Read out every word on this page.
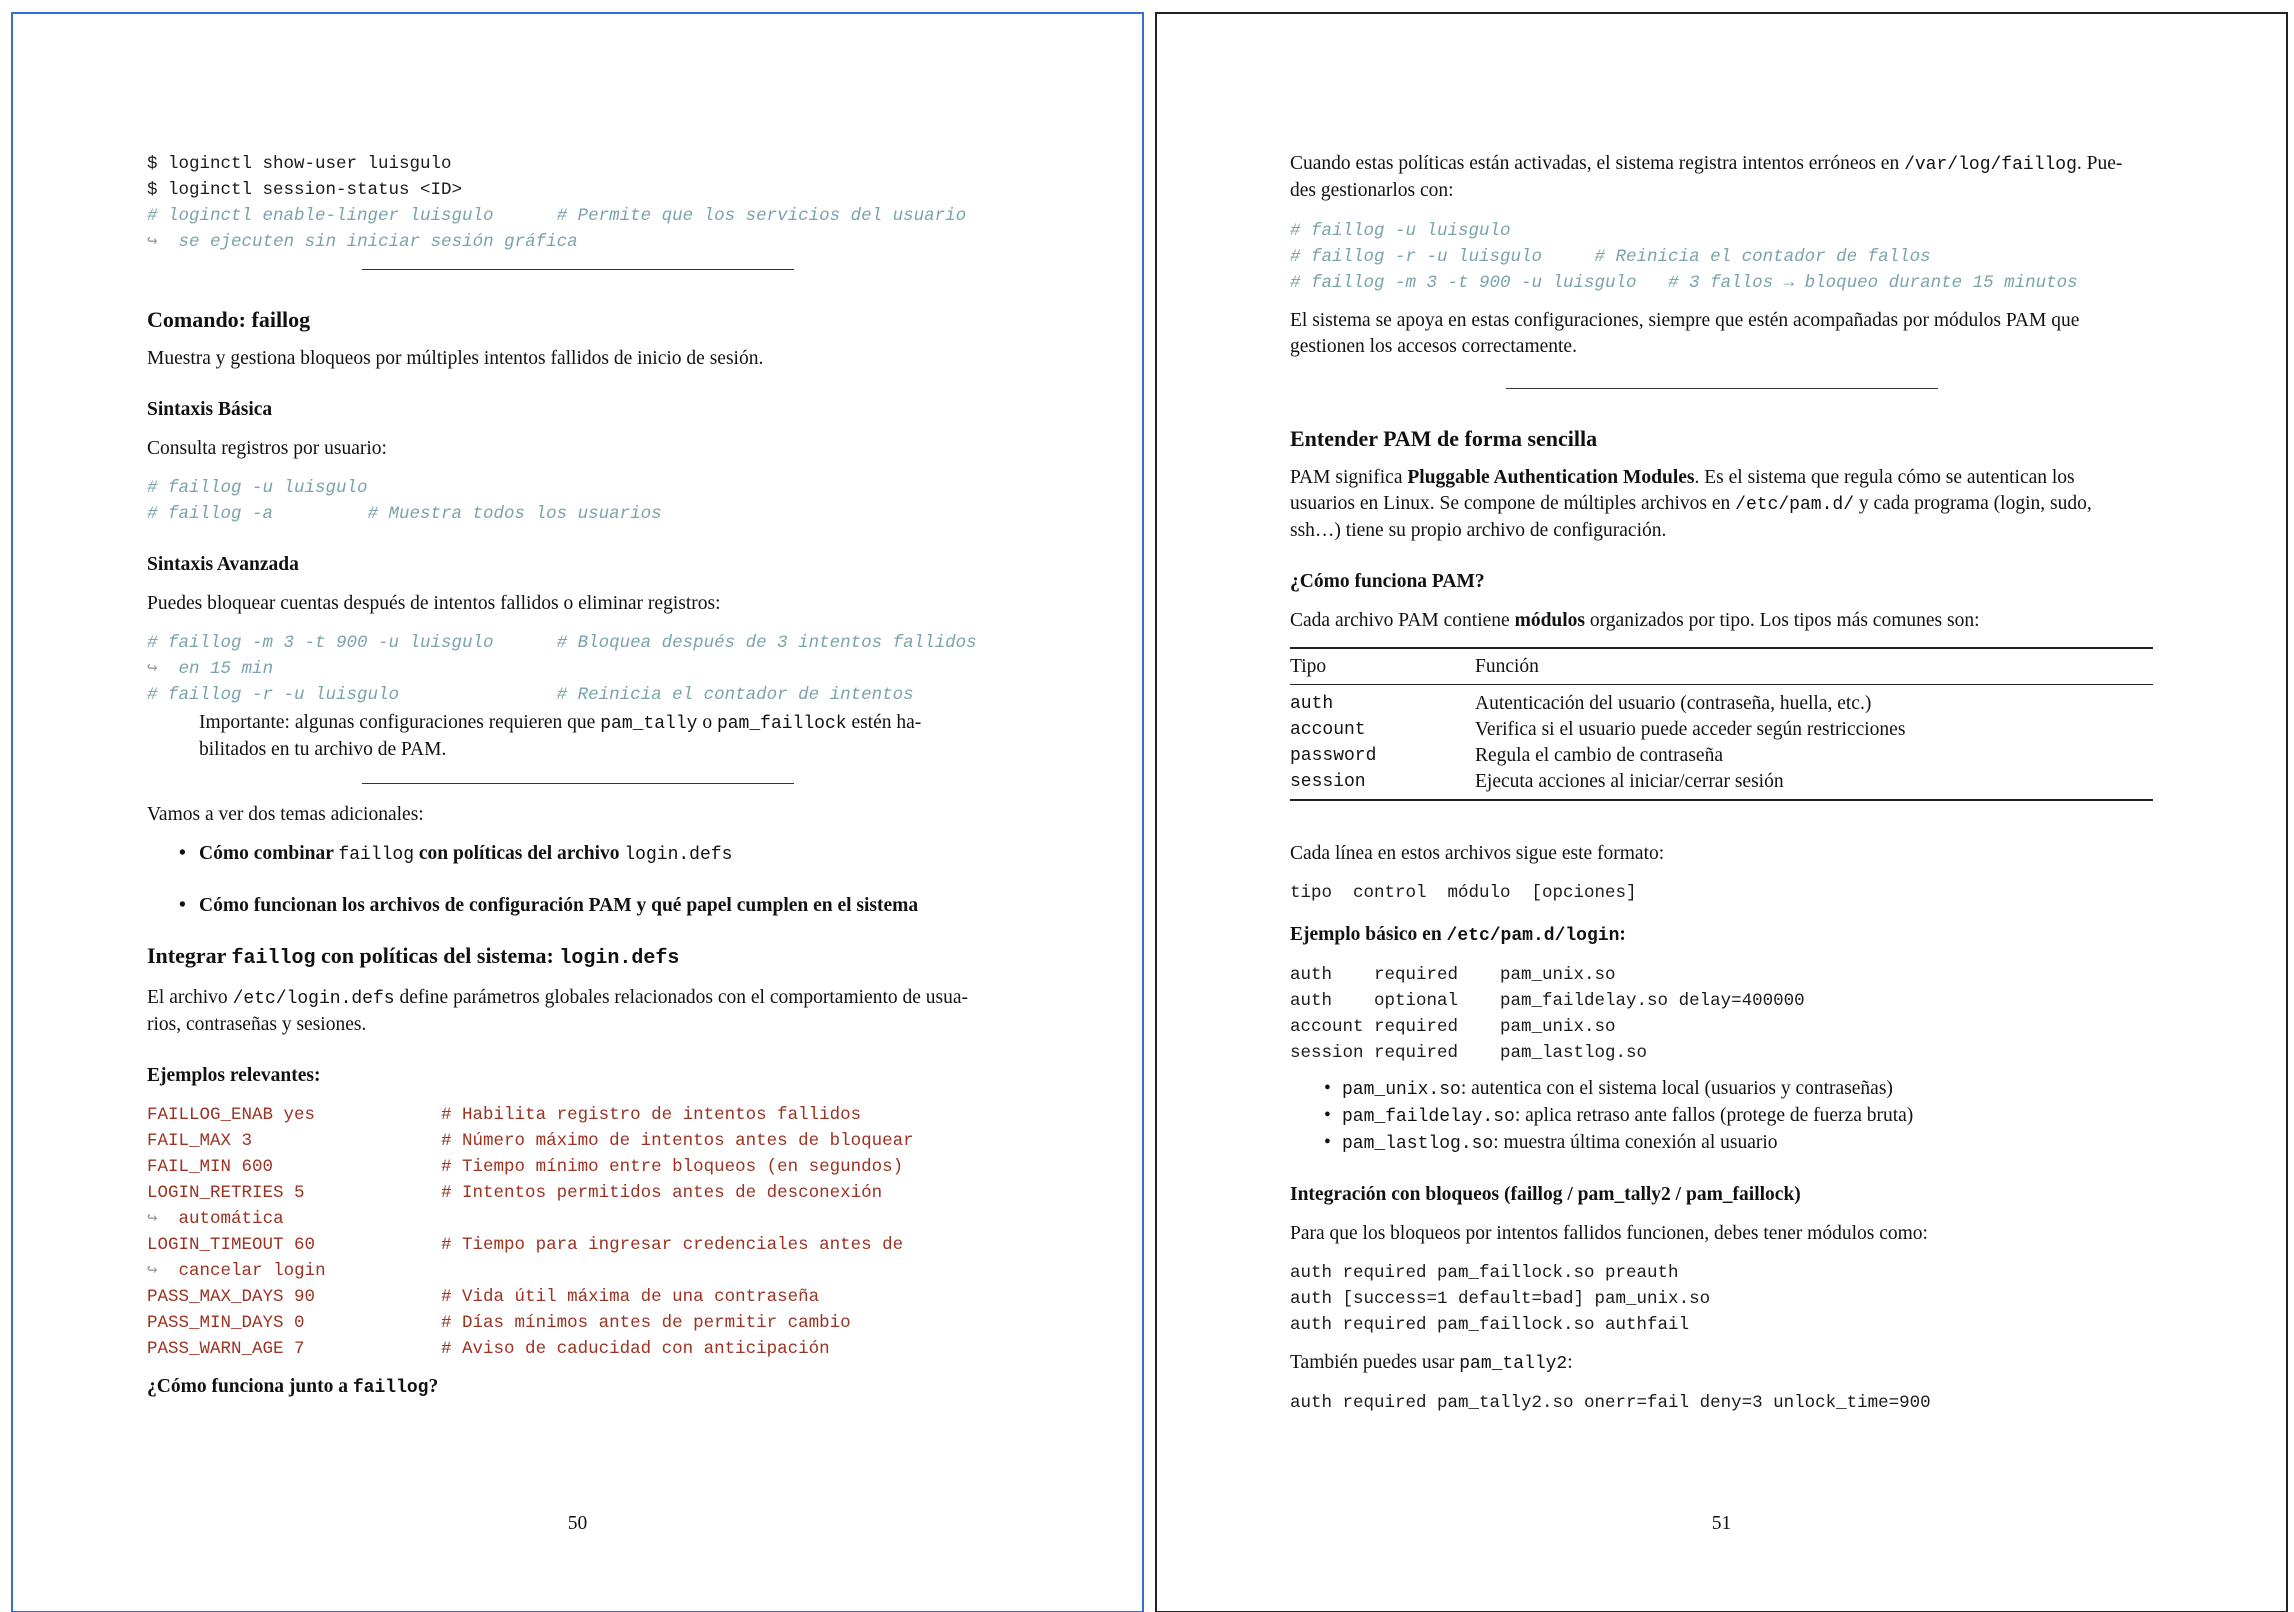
$ loginctl show-user luisgulo
$ loginctl session-status <ID>
# loginctl enable-linger luisgulo      # Permite que los servicios del usuario
↪  se ejecuten sin iniciar sesión gráfica
Comando: faillog

Muestra y gestiona bloqueos por múltiples intentos fallidos de inicio de sesión.

Sintaxis Básica

Consulta registros por usuario:

# faillog -u luisgulo
# faillog -a         # Muestra todos los usuarios
Sintaxis Avanzada

Puedes bloquear cuentas después de intentos fallidos o eliminar registros:

# faillog -m 3 -t 900 -u luisgulo      # Bloquea después de 3 intentos fallidos
↪  en 15 min
# faillog -r -u luisgulo               # Reinicia el contador de intentos

Importante: algunas configuraciones requieren que pam_tally o pam_faillock estén ha-

bilitados en tu archivo de PAM.

Vamos a ver dos temas adicionales:

• Cómo combinar faillog con políticas del archivo login.defs
• Cómo funcionan los archivos de configuración PAM y qué papel cumplen en el sistema
Integrar faillog con políticas del sistema: login.defs

El archivo /etc/login.defs define parámetros globales relacionados con el comportamiento de usua-

rios, contraseñas y sesiones.

Ejemplos relevantes:
FAILLOG_ENAB yes            # Habilita registro de intentos fallidos
FAIL_MAX 3                  # Número máximo de intentos antes de bloquear
FAIL_MIN 600                # Tiempo mínimo entre bloqueos (en segundos)
LOGIN_RETRIES 5             # Intentos permitidos antes de desconexión
↪  automática
LOGIN_TIMEOUT 60            # Tiempo para ingresar credenciales antes de
↪  cancelar login
PASS_MAX_DAYS 90            # Vida útil máxima de una contraseña
PASS_MIN_DAYS 0             # Días mínimos antes de permitir cambio
PASS_WARN_AGE 7             # Aviso de caducidad con anticipación
¿Cómo funciona junto a faillog?
50

Cuando estas políticas están activadas, el sistema registra intentos erróneos en /var/log/faillog. Pue-

des gestionarlos con:

# faillog -u luisgulo
# faillog -r -u luisgulo     # Reinicia el contador de fallos
# faillog -m 3 -t 900 -u luisgulo   # 3 fallos → bloqueo durante 15 minutos

El sistema se apoya en estas configuraciones, siempre que estén acompañadas por módulos PAM que

gestionen los accesos correctamente.

Entender PAM de forma sencilla

PAM significa Pluggable Authentication Modules. Es el sistema que regula cómo se autentican los

usuarios en Linux. Se compone de múltiples archivos en /etc/pam.d/ y cada programa (login, sudo,

ssh…) tiene su propio archivo de configuración.

¿Cómo funciona PAM?

Cada archivo PAM contiene módulos organizados por tipo. Los tipos más comunes son:

Tipo	Función
auth	Autenticación del usuario (contraseña, huella, etc.)
account	Verifica si el usuario puede acceder según restricciones
password	Regula el cambio de contraseña
session	Ejecuta acciones al iniciar/cerrar sesión

Cada línea en estos archivos sigue este formato:

tipo  control  módulo  [opciones]
Ejemplo básico en /etc/pam.d/login:
auth    required    pam_unix.so
auth    optional    pam_faildelay.so delay=400000
account required    pam_unix.so
session required    pam_lastlog.so
• pam_unix.so: autentica con el sistema local (usuarios y contraseñas)
• pam_faildelay.so: aplica retraso ante fallos (protege de fuerza bruta)
• pam_lastlog.so: muestra última conexión al usuario
Integración con bloqueos (faillog / pam_tally2 / pam_faillock)

Para que los bloqueos por intentos fallidos funcionen, debes tener módulos como:

auth required pam_faillock.so preauth
auth [success=1 default=bad] pam_unix.so
auth required pam_faillock.so authfail

También puedes usar pam_tally2:

auth required pam_tally2.so onerr=fail deny=3 unlock_time=900
51
